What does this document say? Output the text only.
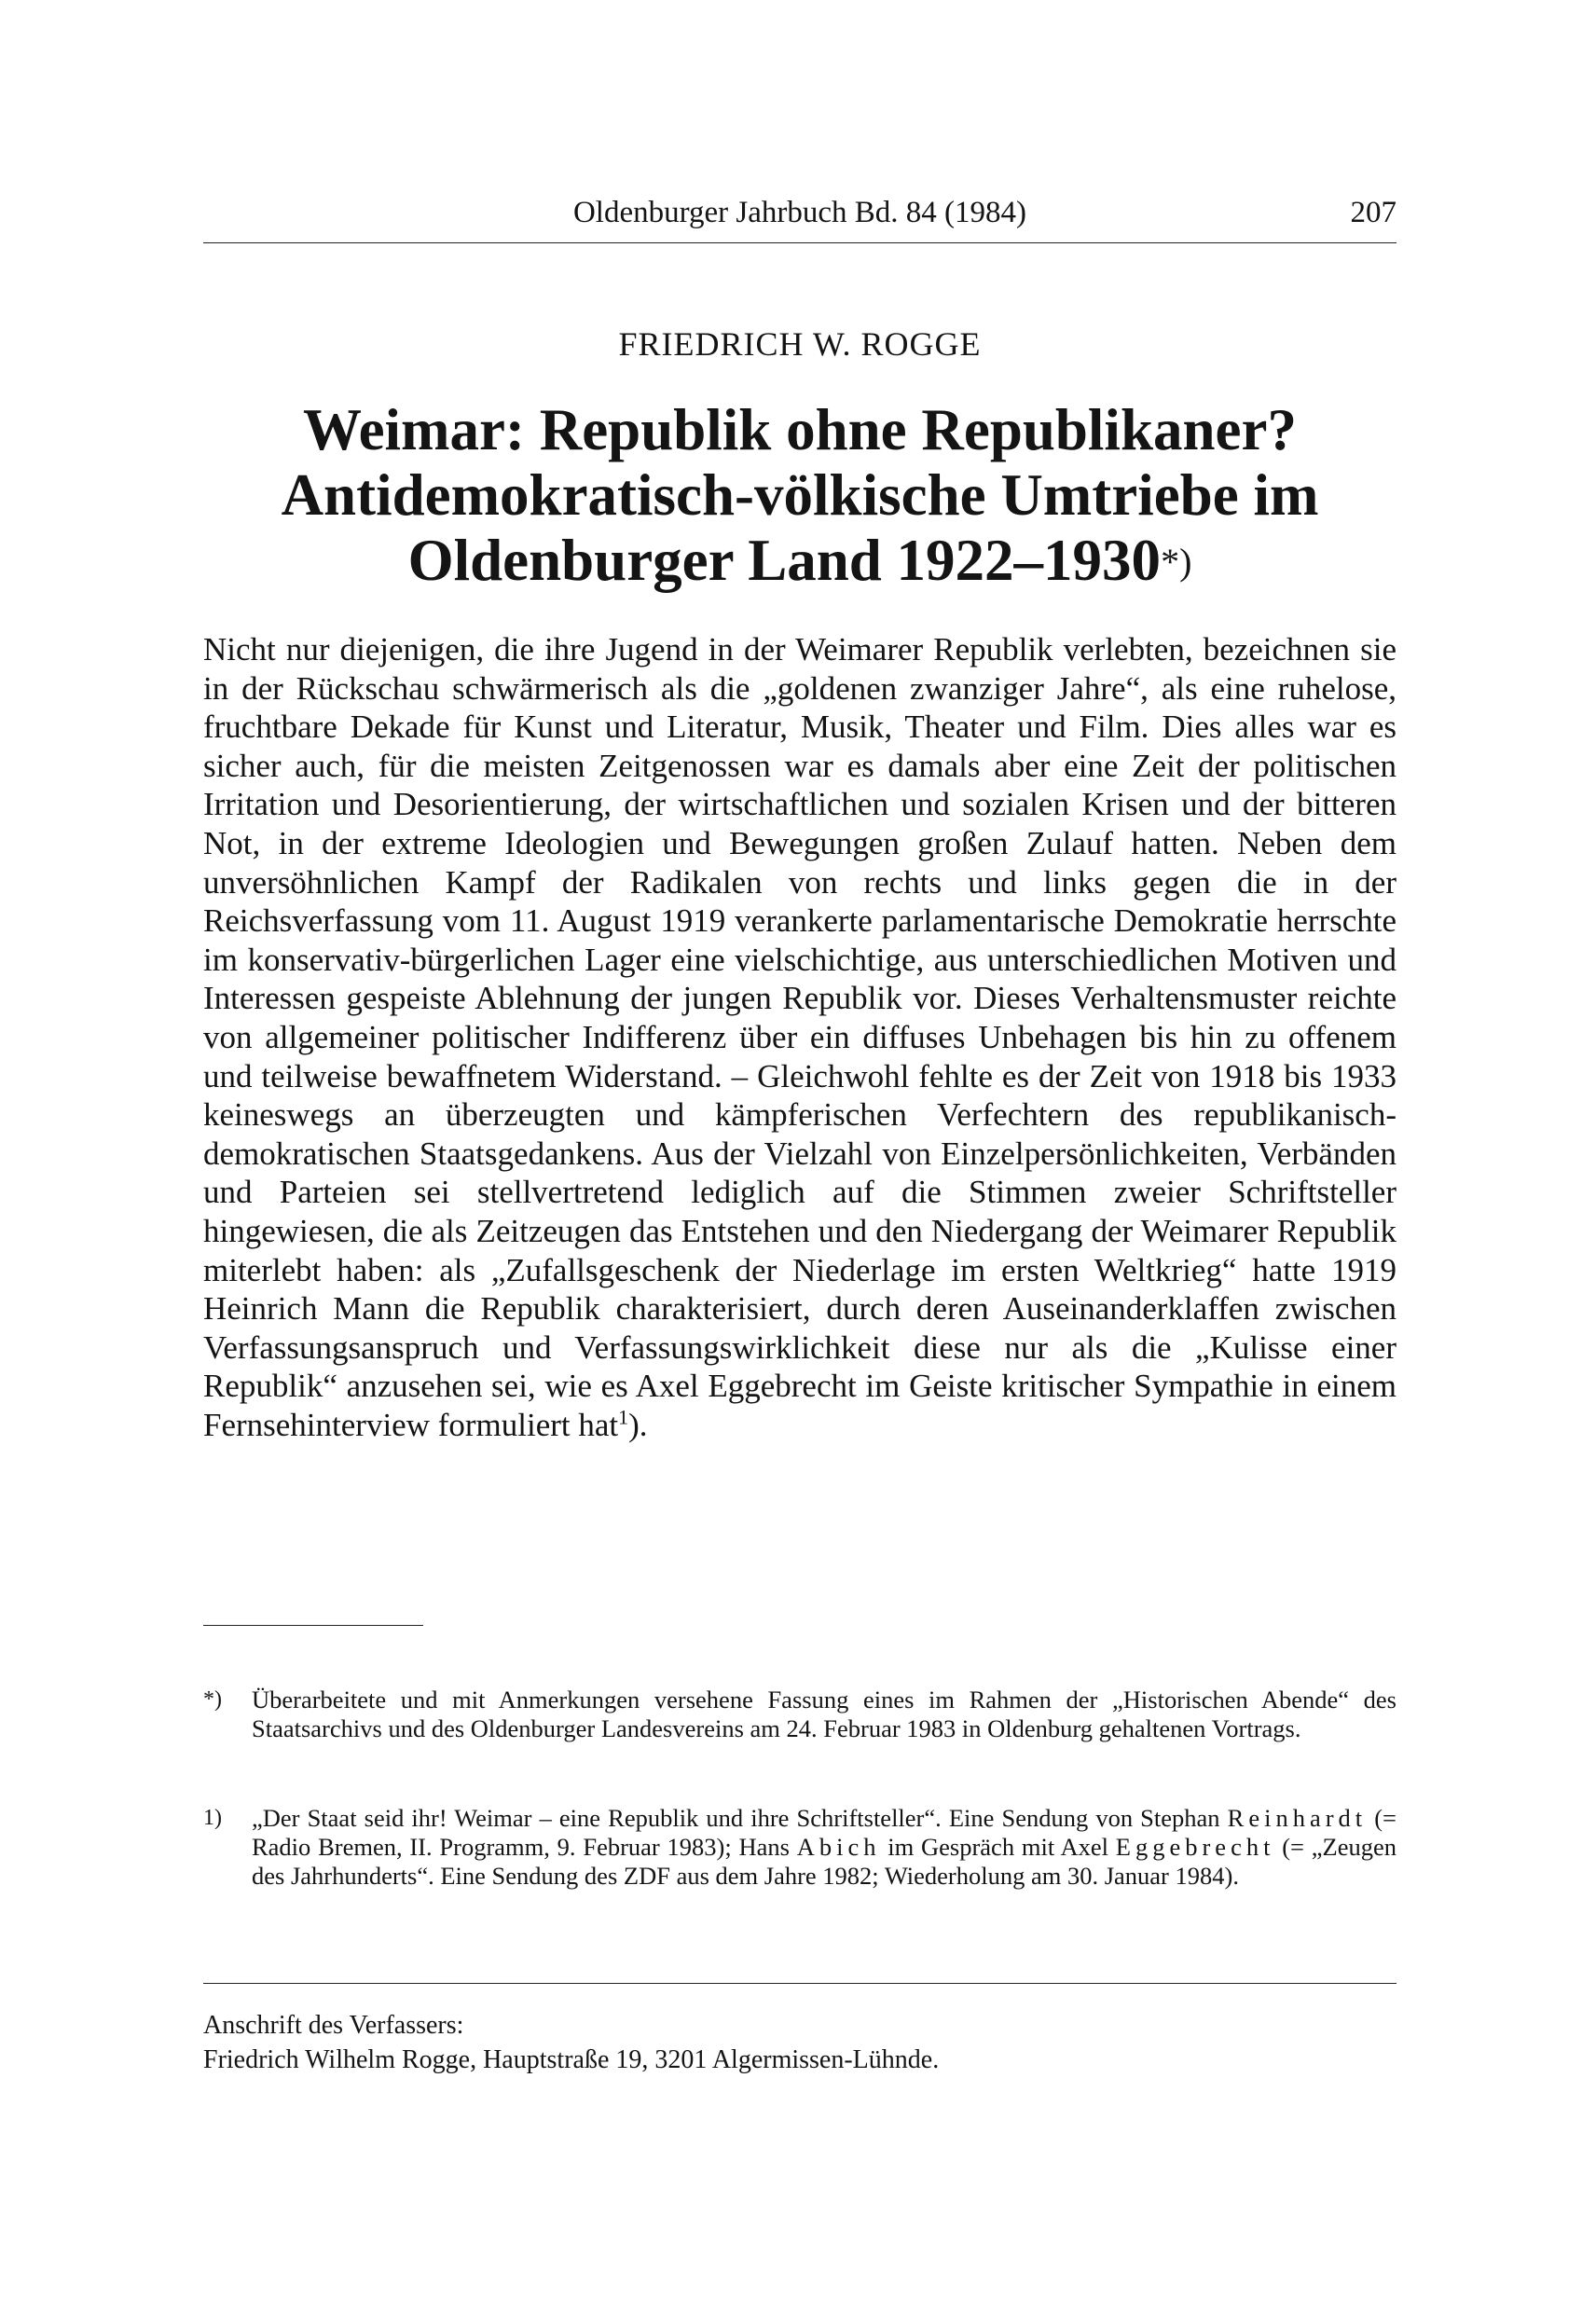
Oldenburger Jahrbuch Bd. 84 (1984)	207
FRIEDRICH W. ROGGE
Weimar: Republik ohne Republikaner?
Antidemokratisch-völkische Umtriebe im
Oldenburger Land 1922–1930*)

Nicht nur diejenigen, die ihre Jugend in der Weimarer Republik verlebten, bezeichnen sie in der Rückschau schwärmerisch als die „goldenen zwanziger Jahre“, als eine ruhelose, fruchtbare Dekade für Kunst und Literatur, Musik, Theater und Film. Dies alles war es sicher auch, für die meisten Zeitgenossen war es damals aber eine Zeit der politischen Irritation und Desorientierung, der wirtschaftlichen und sozialen Krisen und der bitteren Not, in der extreme Ideologien und Bewegungen großen Zulauf hatten. Neben dem unversöhnlichen Kampf der Radikalen von rechts und links gegen die in der Reichsverfassung vom 11. August 1919 verankerte parlamentarische Demokratie herrschte im konservativ-bürgerlichen Lager eine vielschichtige, aus unterschiedlichen Motiven und Interessen gespeiste Ablehnung der jungen Republik vor. Dieses Verhaltensmuster reichte von allgemeiner politischer Indifferenz über ein diffuses Unbehagen bis hin zu offenem und teilweise bewaffnetem Widerstand. – Gleichwohl fehlte es der Zeit von 1918 bis 1933 keineswegs an überzeugten und kämpferischen Verfechtern des republikanisch-demokratischen Staatsgedankens. Aus der Vielzahl von Einzelpersönlichkeiten, Verbänden und Parteien sei stellvertretend lediglich auf die Stimmen zweier Schriftsteller hingewiesen, die als Zeitzeugen das Entstehen und den Niedergang der Weimarer Republik miterlebt haben: als „Zufallsgeschenk der Niederlage im ersten Weltkrieg“ hatte 1919 Heinrich Mann die Republik charakterisiert, durch deren Auseinanderklaffen zwischen Verfassungsanspruch und Verfassungswirklichkeit diese nur als die „Kulisse einer Republik“ anzusehen sei, wie es Axel Eggebrecht im Geiste kritischer Sympathie in einem Fernsehinterview formuliert hat$^1$).

*)	Überarbeitete und mit Anmerkungen versehene Fassung eines im Rahmen der „Historischen Abende“ des Staatsarchivs und des Oldenburger Landesvereins am 24. Februar 1983 in Oldenburg gehaltenen Vortrags.
1)	„Der Staat seid ihr! Weimar – eine Republik und ihre Schriftsteller“. Eine Sendung von Stephan Reinhardt (= Radio Bremen, II. Programm, 9. Februar 1983); Hans Abich im Gespräch mit Axel Eggebrecht (= „Zeugen des Jahrhunderts“. Eine Sendung des ZDF aus dem Jahre 1982; Wiederholung am 30. Januar 1984).
Anschrift des Verfassers:
Friedrich Wilhelm Rogge, Hauptstraße 19, 3201 Algermissen-Lühnde.
